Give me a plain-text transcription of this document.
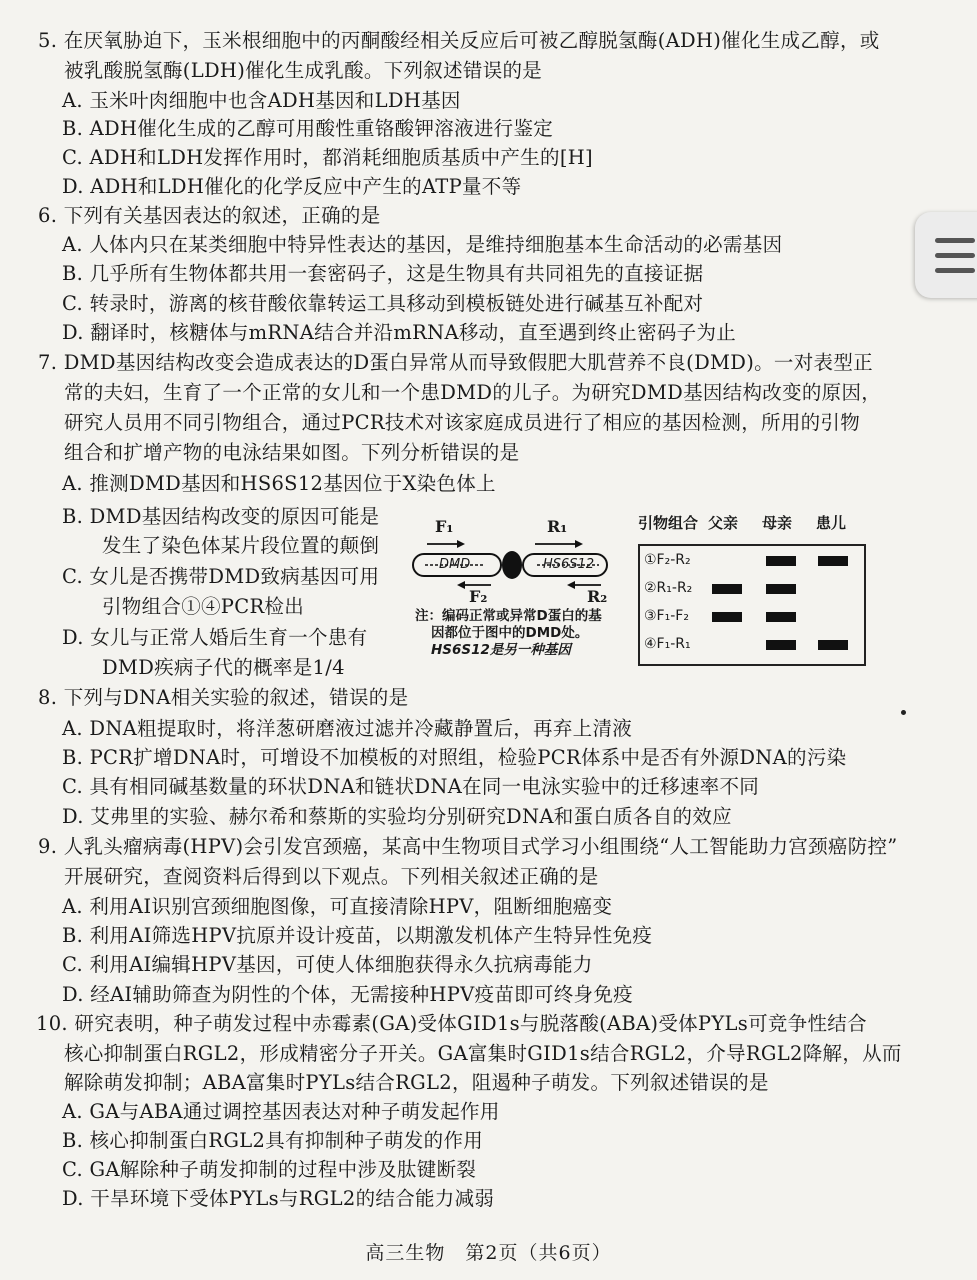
5. 在厌氧胁迫下，玉米根细胞中的丙酮酸经相关反应后可被乙醇脱氢酶(ADH)催化生成乙醇，或
被乳酸脱氢酶(LDH)催化生成乳酸。下列叙述错误的是
A. 玉米叶肉细胞中也含ADH基因和LDH基因
B. ADH催化生成的乙醇可用酸性重铬酸钾溶液进行鉴定
C. ADH和LDH发挥作用时，都消耗细胞质基质中产生的[H]
D. ADH和LDH催化的化学反应中产生的ATP量不等
6. 下列有关基因表达的叙述，正确的是
A. 人体内只在某类细胞中特异性表达的基因，是维持细胞基本生命活动的必需基因
B. 几乎所有生物体都共用一套密码子，这是生物具有共同祖先的直接证据
C. 转录时，游离的核苷酸依靠转运工具移动到模板链处进行碱基互补配对
D. 翻译时，核糖体与mRNA结合并沿mRNA移动，直至遇到终止密码子为止
7. DMD基因结构改变会造成表达的D蛋白异常从而导致假肥大肌营养不良(DMD)。一对表型正
常的夫妇，生育了一个正常的女儿和一个患DMD的儿子。为研究DMD基因结构改变的原因，
研究人员用不同引物组合，通过PCR技术对该家庭成员进行了相应的基因检测，所用的引物
组合和扩增产物的电泳结果如图。下列分析错误的是
A. 推测DMD基因和HS6S12基因位于X染色体上
B. DMD基因结构改变的原因可能是
发生了染色体某片段位置的颠倒
C. 女儿是否携带DMD致病基因可用
引物组合①④PCR检出
D. 女儿与正常人婚后生育一个患有
DMD疾病子代的概率是1/4
F₁	R₁
F₂	R₂
DMD	HS6S12
注：编码正常或异常D蛋白的基
因都位于图中的DMD处。
HS6S12是另一种基因
引物组合 父亲 母亲 患儿
①F₂-R₂
②R₁-R₂
③F₁-F₂
④F₁-R₁
8. 下列与DNA相关实验的叙述，错误的是
A. DNA粗提取时，将洋葱研磨液过滤并冷藏静置后，再弃上清液
B. PCR扩增DNA时，可增设不加模板的对照组，检验PCR体系中是否有外源DNA的污染
C. 具有相同碱基数量的环状DNA和链状DNA在同一电泳实验中的迁移速率不同
D. 艾弗里的实验、赫尔希和蔡斯的实验均分别研究DNA和蛋白质各自的效应
9. 人乳头瘤病毒(HPV)会引发宫颈癌，某高中生物项目式学习小组围绕“人工智能助力宫颈癌防控”
开展研究，查阅资料后得到以下观点。下列相关叙述正确的是
A. 利用AI识别宫颈细胞图像，可直接清除HPV，阻断细胞癌变
B. 利用AI筛选HPV抗原并设计疫苗，以期激发机体产生特异性免疫
C. 利用AI编辑HPV基因，可使人体细胞获得永久抗病毒能力
D. 经AI辅助筛查为阴性的个体，无需接种HPV疫苗即可终身免疫
10. 研究表明，种子萌发过程中赤霉素(GA)受体GID1s与脱落酸(ABA)受体PYLs可竞争性结合
核心抑制蛋白RGL2，形成精密分子开关。GA富集时GID1s结合RGL2，介导RGL2降解，从而
解除萌发抑制；ABA富集时PYLs结合RGL2，阻遏种子萌发。下列叙述错误的是
A. GA与ABA通过调控基因表达对种子萌发起作用
B. 核心抑制蛋白RGL2具有抑制种子萌发的作用
C. GA解除种子萌发抑制的过程中涉及肽键断裂
D. 干旱环境下受体PYLs与RGL2的结合能力减弱
高三生物　第2页（共6页）
